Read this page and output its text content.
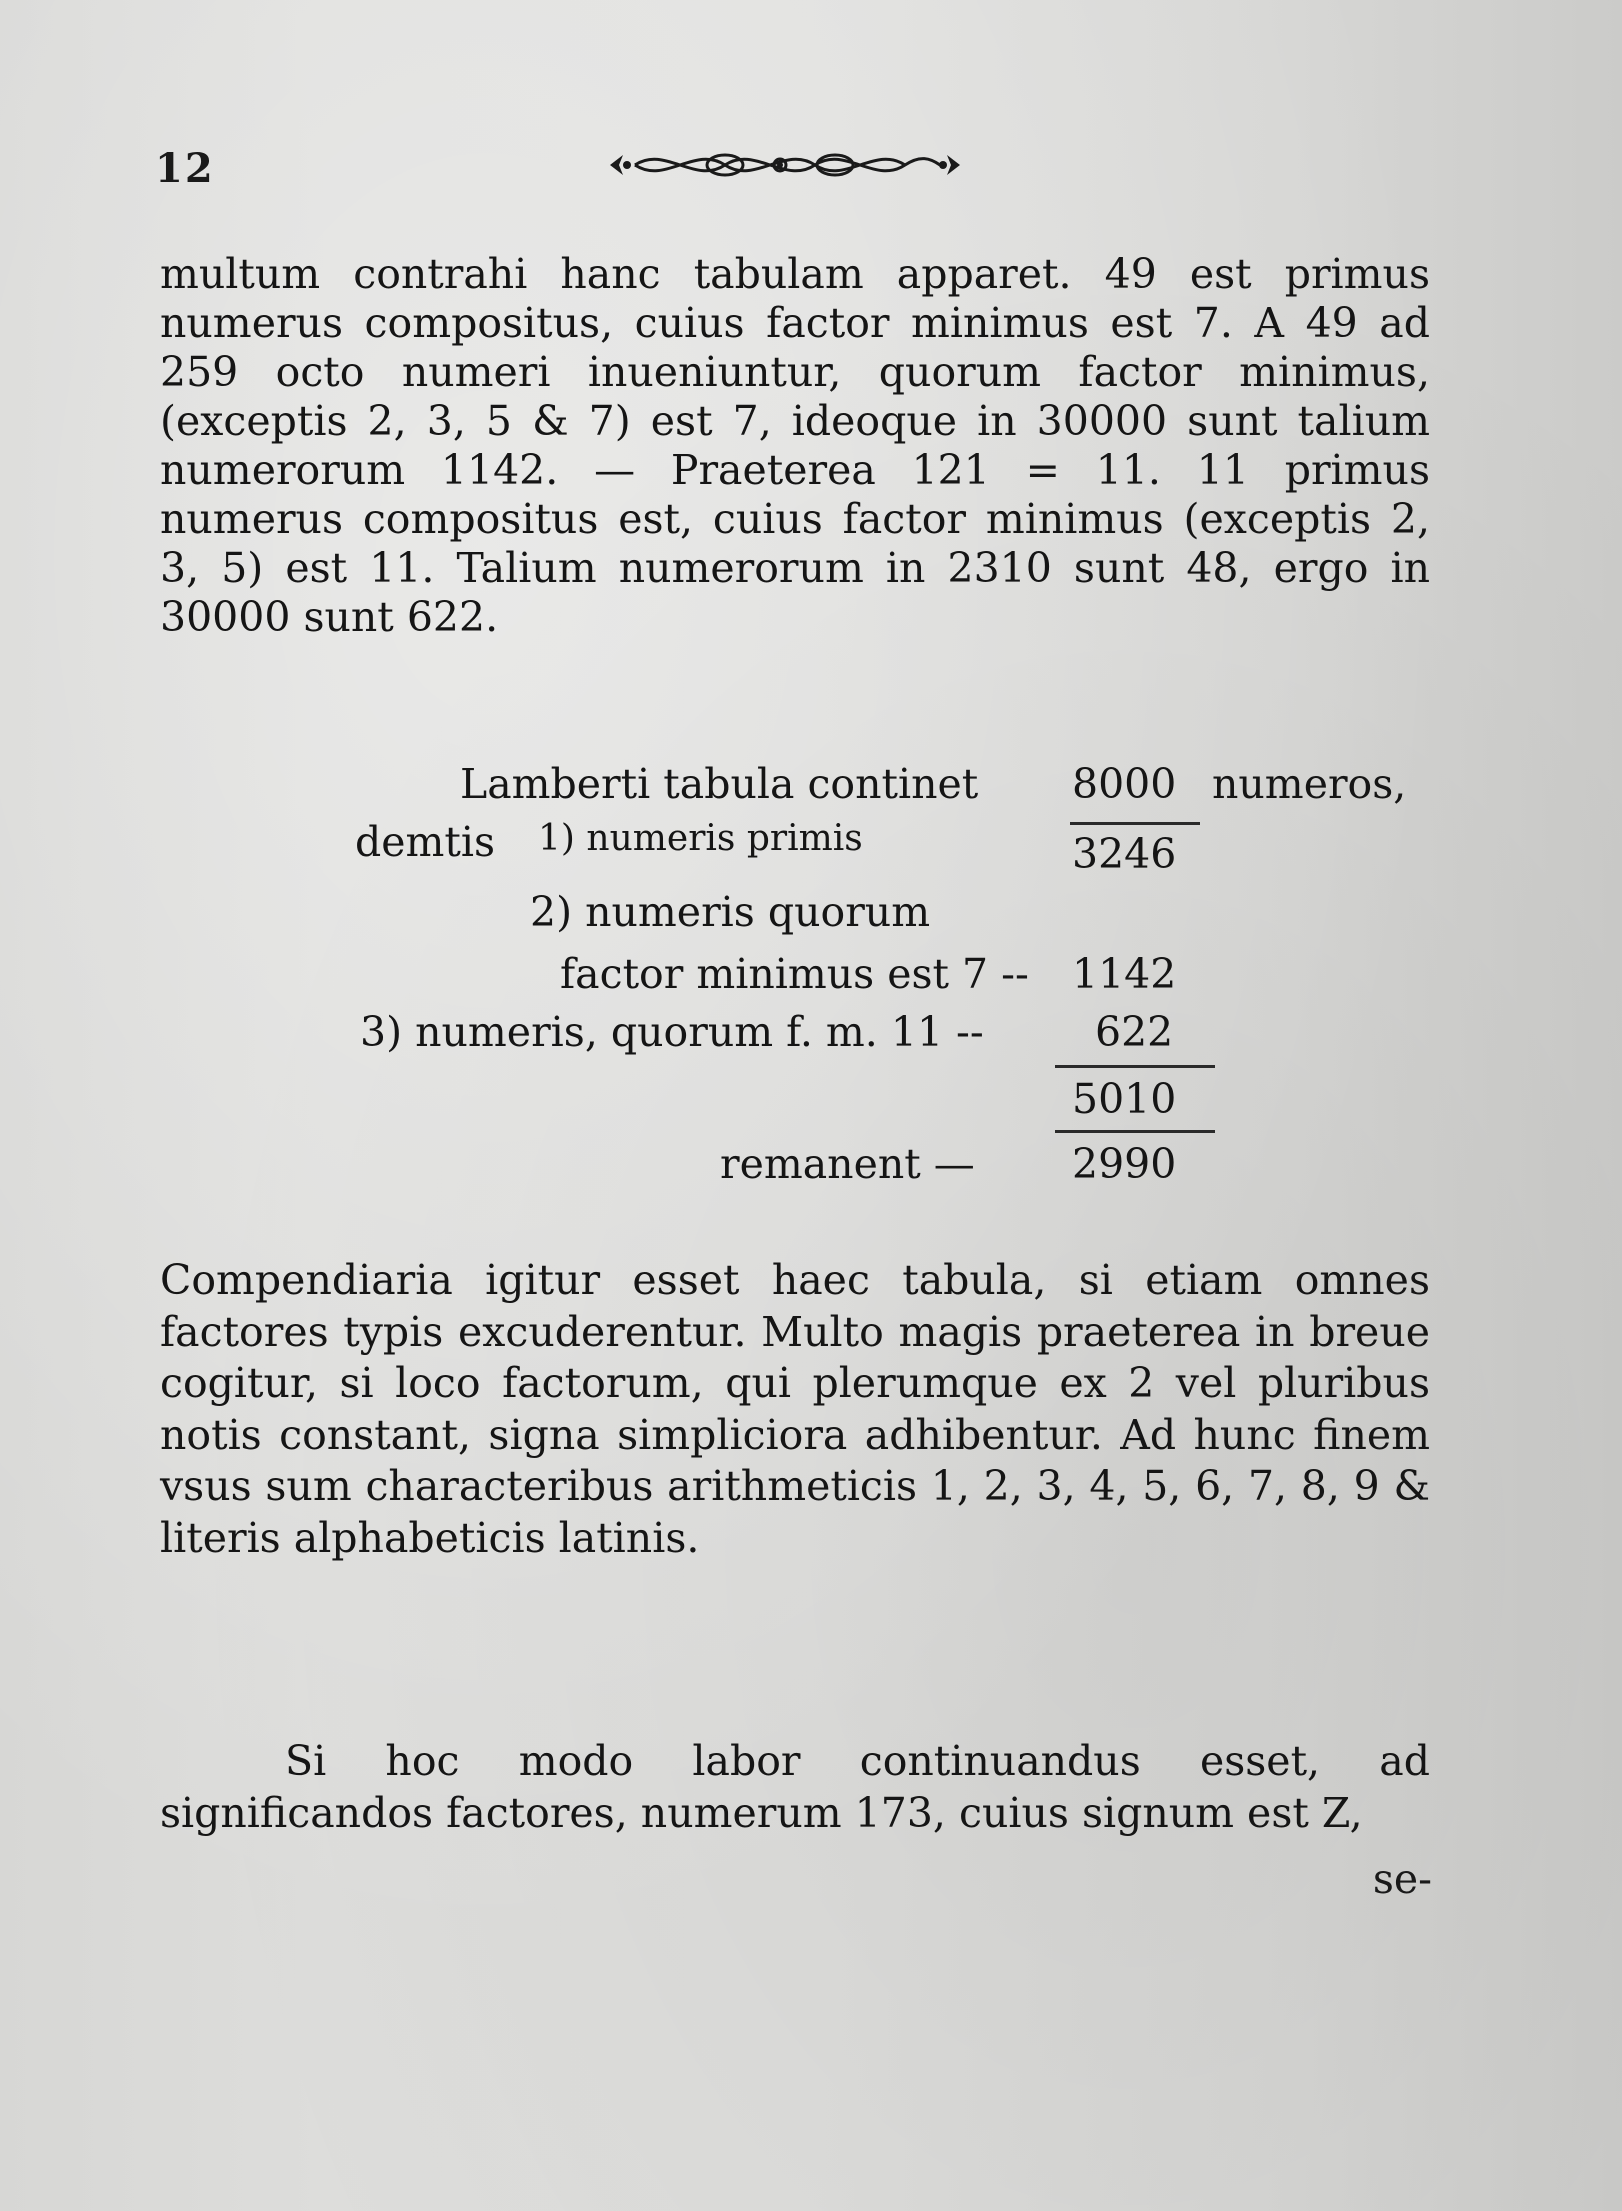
12
multum contrahi hanc tabulam apparet. 49 est primus numerus compositus, cuius factor minimus est 7. A 49 ad 259 octo numeri inueniuntur, quorum factor minimus, (exceptis 2, 3, 5 & 7) est 7, ideoque in 30000 sunt talium numerorum 1142. — Praeterea 121 = 11. 11 primus numerus compositus est, cuius factor minimus (exceptis 2, 3, 5) est 11. Talium numerorum in 2310 sunt 48, ergo in 30000 sunt 622.
Lamberti tabula continet 8000 numeros,
demtis 1) numeris primis	3246
2) numeris quorum
factor minimus est 7 -- 1142
3) numeris, quorum f. m. 11 --	622
5010
remanent — 2990
Compendiaria igitur esset haec tabula, si etiam omnes factores typis excuderentur. Multo magis praeterea in breue cogitur, si loco factorum, qui plerumque ex 2 vel pluribus notis constant, signa simpliciora adhibentur. Ad hunc finem vsus sum characteribus arithmeticis 1, 2, 3, 4, 5, 6, 7, 8, 9 & literis alphabeticis latinis.
Si hoc modo labor continuandus esset, ad significandos factores, numerum 173, cuius signum est Z,
se-
